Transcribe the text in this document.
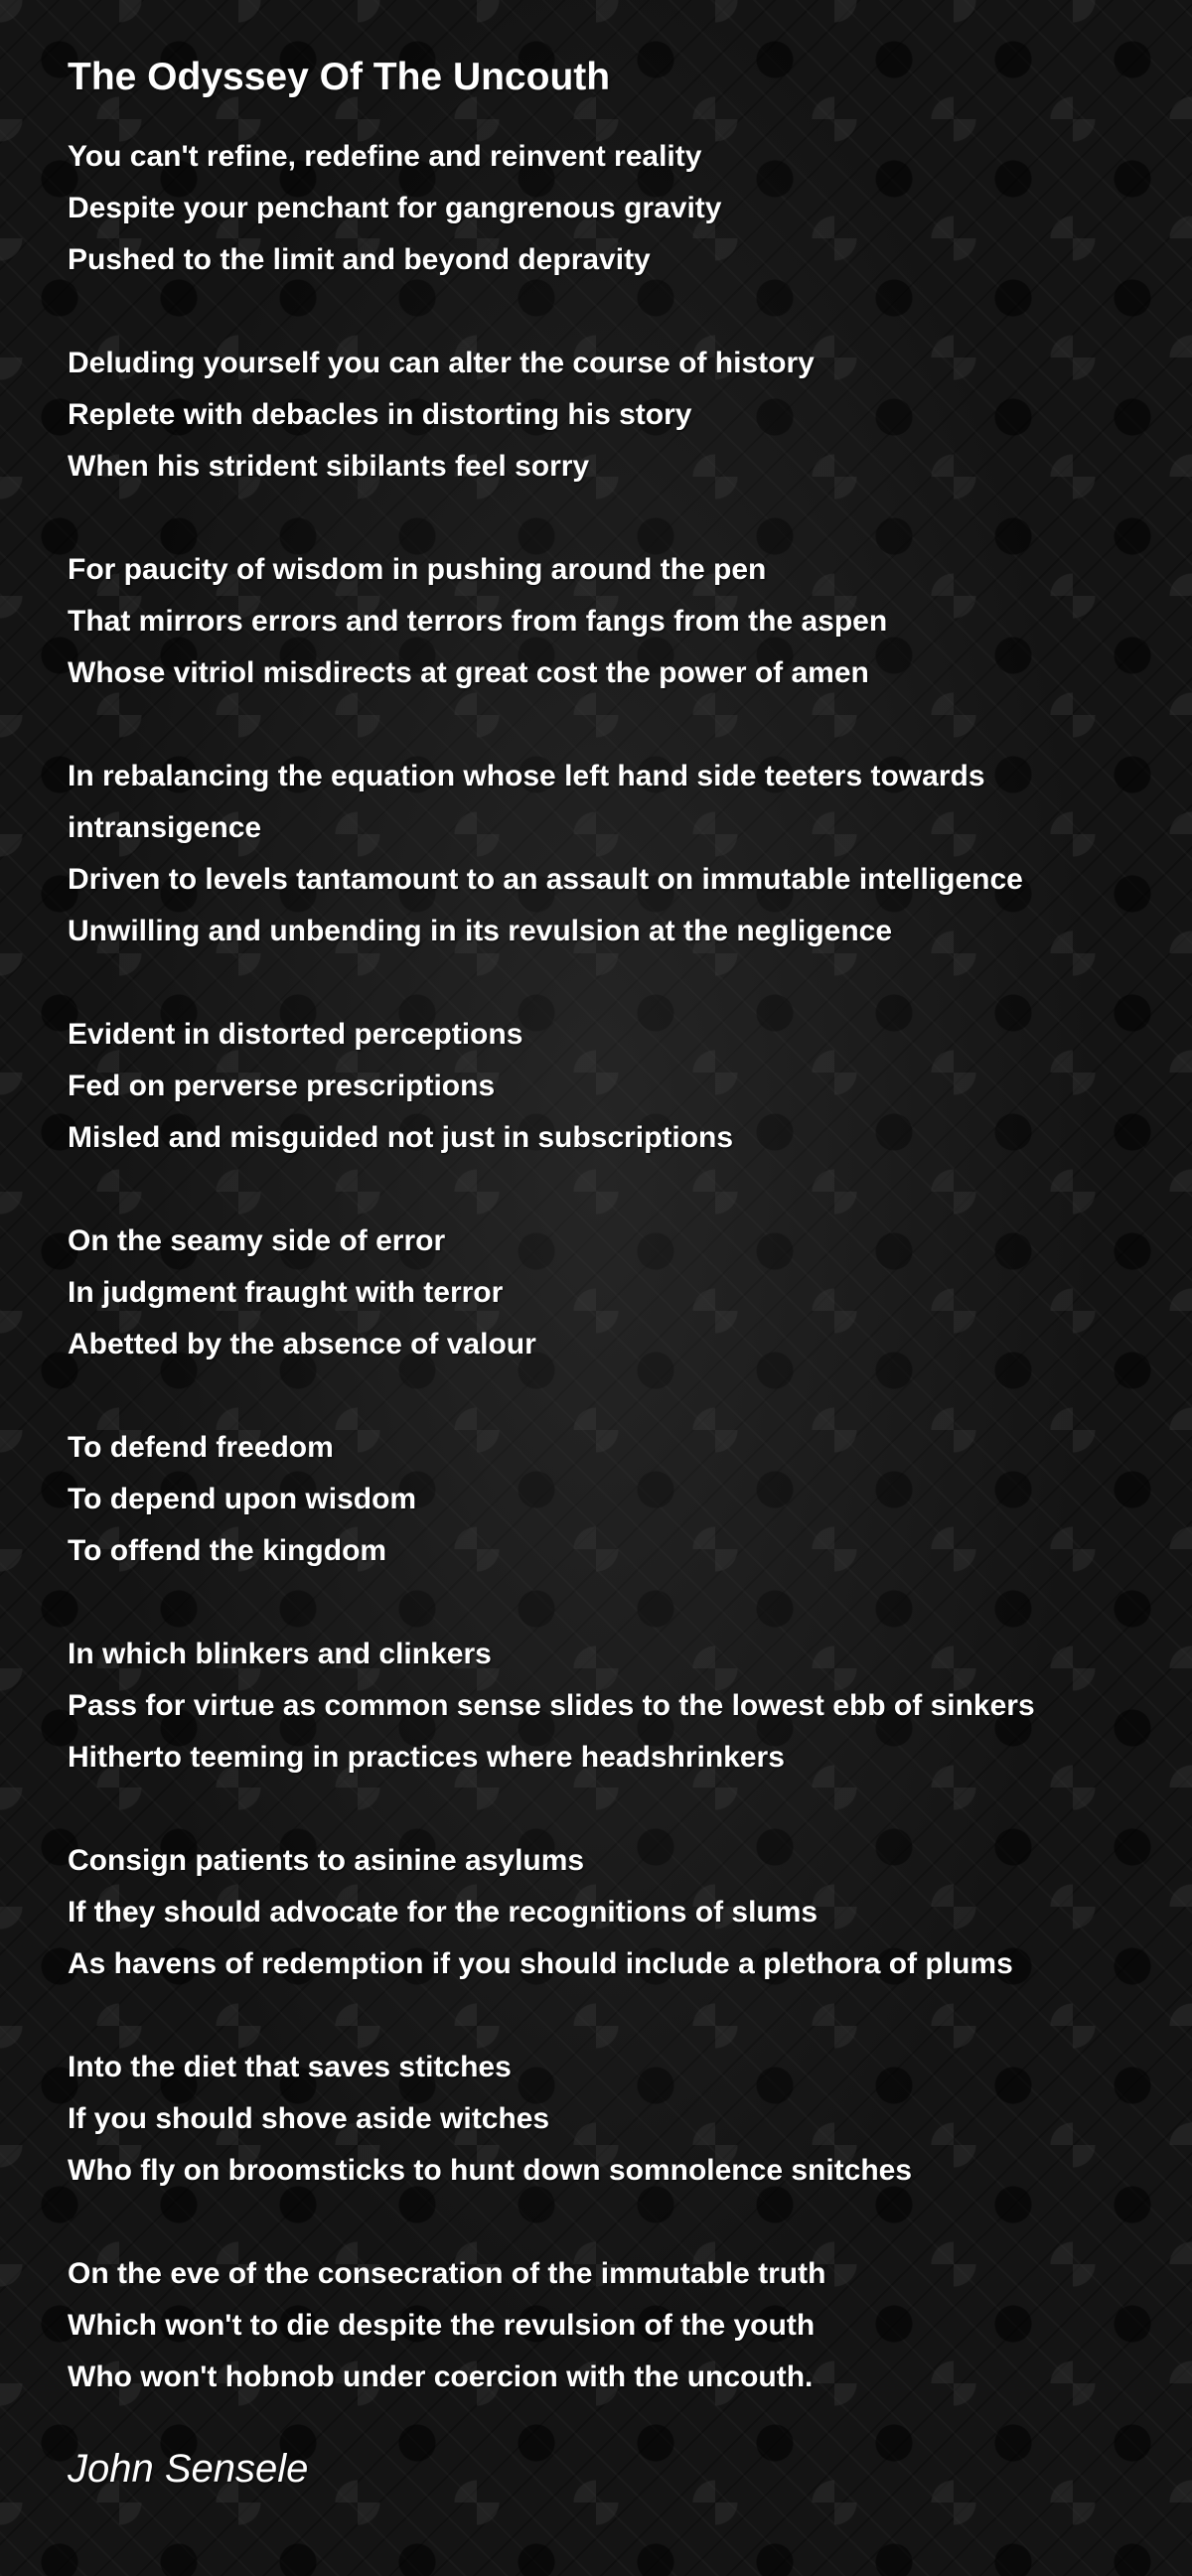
The Odyssey Of The Uncouth
You can't refine, redefine and reinvent reality
Despite your penchant for gangrenous gravity
Pushed to the limit and beyond depravity
Deluding yourself you can alter the course of history
Replete with debacles in distorting his story
When his strident sibilants feel sorry
For paucity of wisdom in pushing around the pen
That mirrors errors and terrors from fangs from the aspen
Whose vitriol misdirects at great cost the power of amen
In rebalancing the equation whose left hand side teeters towards intransigence
Driven to levels tantamount to an assault on immutable intelligence
Unwilling and unbending in its revulsion at the negligence
Evident in distorted perceptions
Fed on perverse prescriptions
Misled and misguided not just in subscriptions
On the seamy side of error
In judgment fraught with terror
Abetted by the absence of valour
To defend freedom
To depend upon wisdom
To offend the kingdom
In which blinkers and clinkers
Pass for virtue as common sense slides to the lowest ebb of sinkers
Hitherto teeming in practices where headshrinkers
Consign patients to asinine asylums
If they should advocate for the recognitions of slums
As havens of redemption if you should include a plethora of plums
Into the diet that saves stitches
If you should shove aside witches
Who fly on broomsticks to hunt down somnolence snitches
On the eve of the consecration of the immutable truth
Which won't to die despite the revulsion of the youth
Who won't hobnob under coercion with the uncouth.
John Sensele
